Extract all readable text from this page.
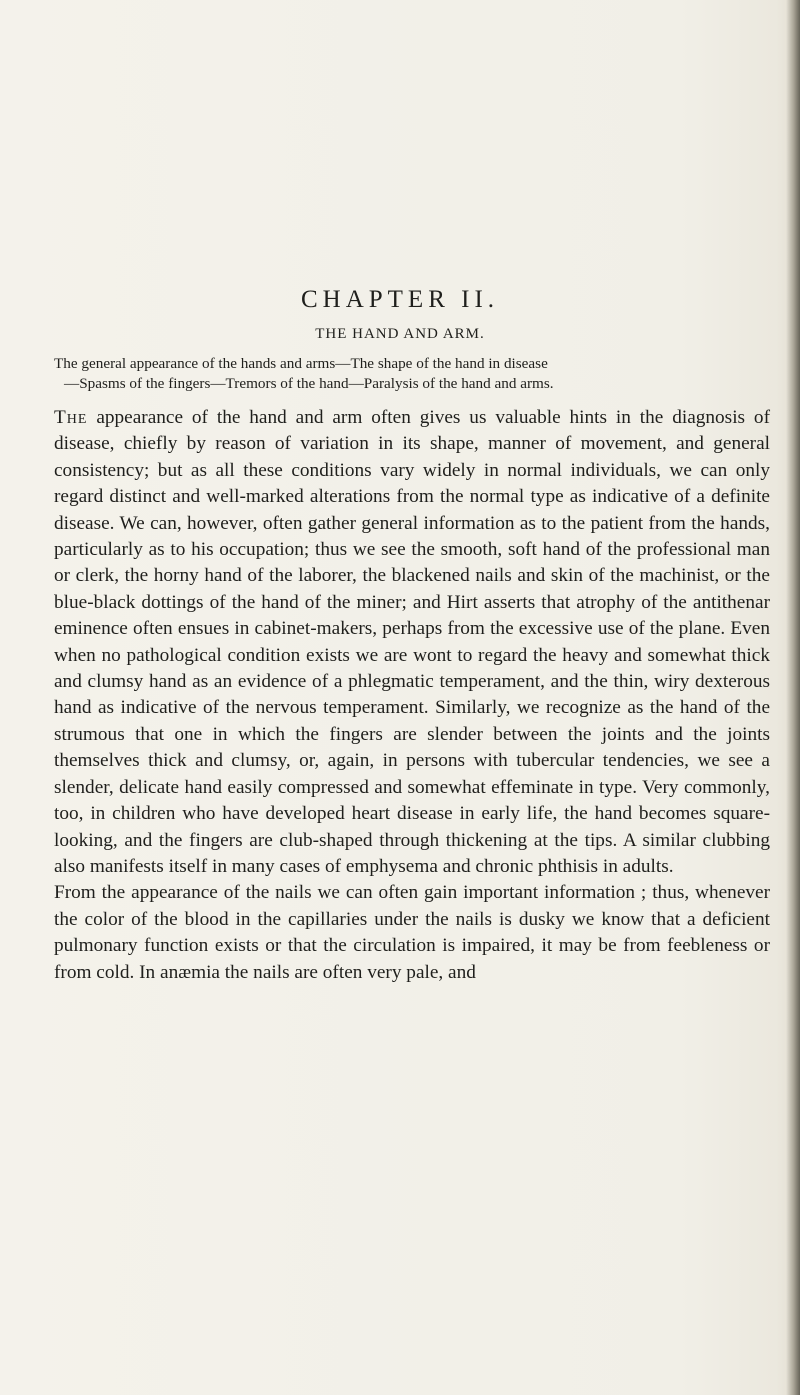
CHAPTER II.
THE HAND AND ARM.
The general appearance of the hands and arms—The shape of the hand in disease
—Spasms of the fingers—Tremors of the hand—Paralysis of the hand and arms.

The appearance of the hand and arm often gives us valuable hints in the diagnosis of disease, chiefly by reason of variation in its shape, manner of movement, and general consistency; but as all these conditions vary widely in normal individuals, we can only regard distinct and well-marked alterations from the normal type as indicative of a definite disease. We can, however, often gather general information as to the patient from the hands, particularly as to his occupation; thus we see the smooth, soft hand of the professional man or clerk, the horny hand of the laborer, the blackened nails and skin of the machinist, or the blue-black dottings of the hand of the miner; and Hirt asserts that atrophy of the antithenar eminence often ensues in cabinet-makers, perhaps from the excessive use of the plane. Even when no pathological condition exists we are wont to regard the heavy and somewhat thick and clumsy hand as an evidence of a phlegmatic temperament, and the thin, wiry dexterous hand as indicative of the nervous temperament. Similarly, we recognize as the hand of the strumous that one in which the fingers are slender between the joints and the joints themselves thick and clumsy, or, again, in persons with tubercular tendencies, we see a slender, delicate hand easily compressed and somewhat effeminate in type. Very commonly, too, in children who have developed heart disease in early life, the hand becomes square-looking, and the fingers are club-shaped through thickening at the tips. A similar clubbing also manifests itself in many cases of emphysema and chronic phthisis in adults.

From the appearance of the nails we can often gain important information ; thus, whenever the color of the blood in the capillaries under the nails is dusky we know that a deficient pulmonary function exists or that the circulation is impaired, it may be from feebleness or from cold. In anæmia the nails are often very pale, and
